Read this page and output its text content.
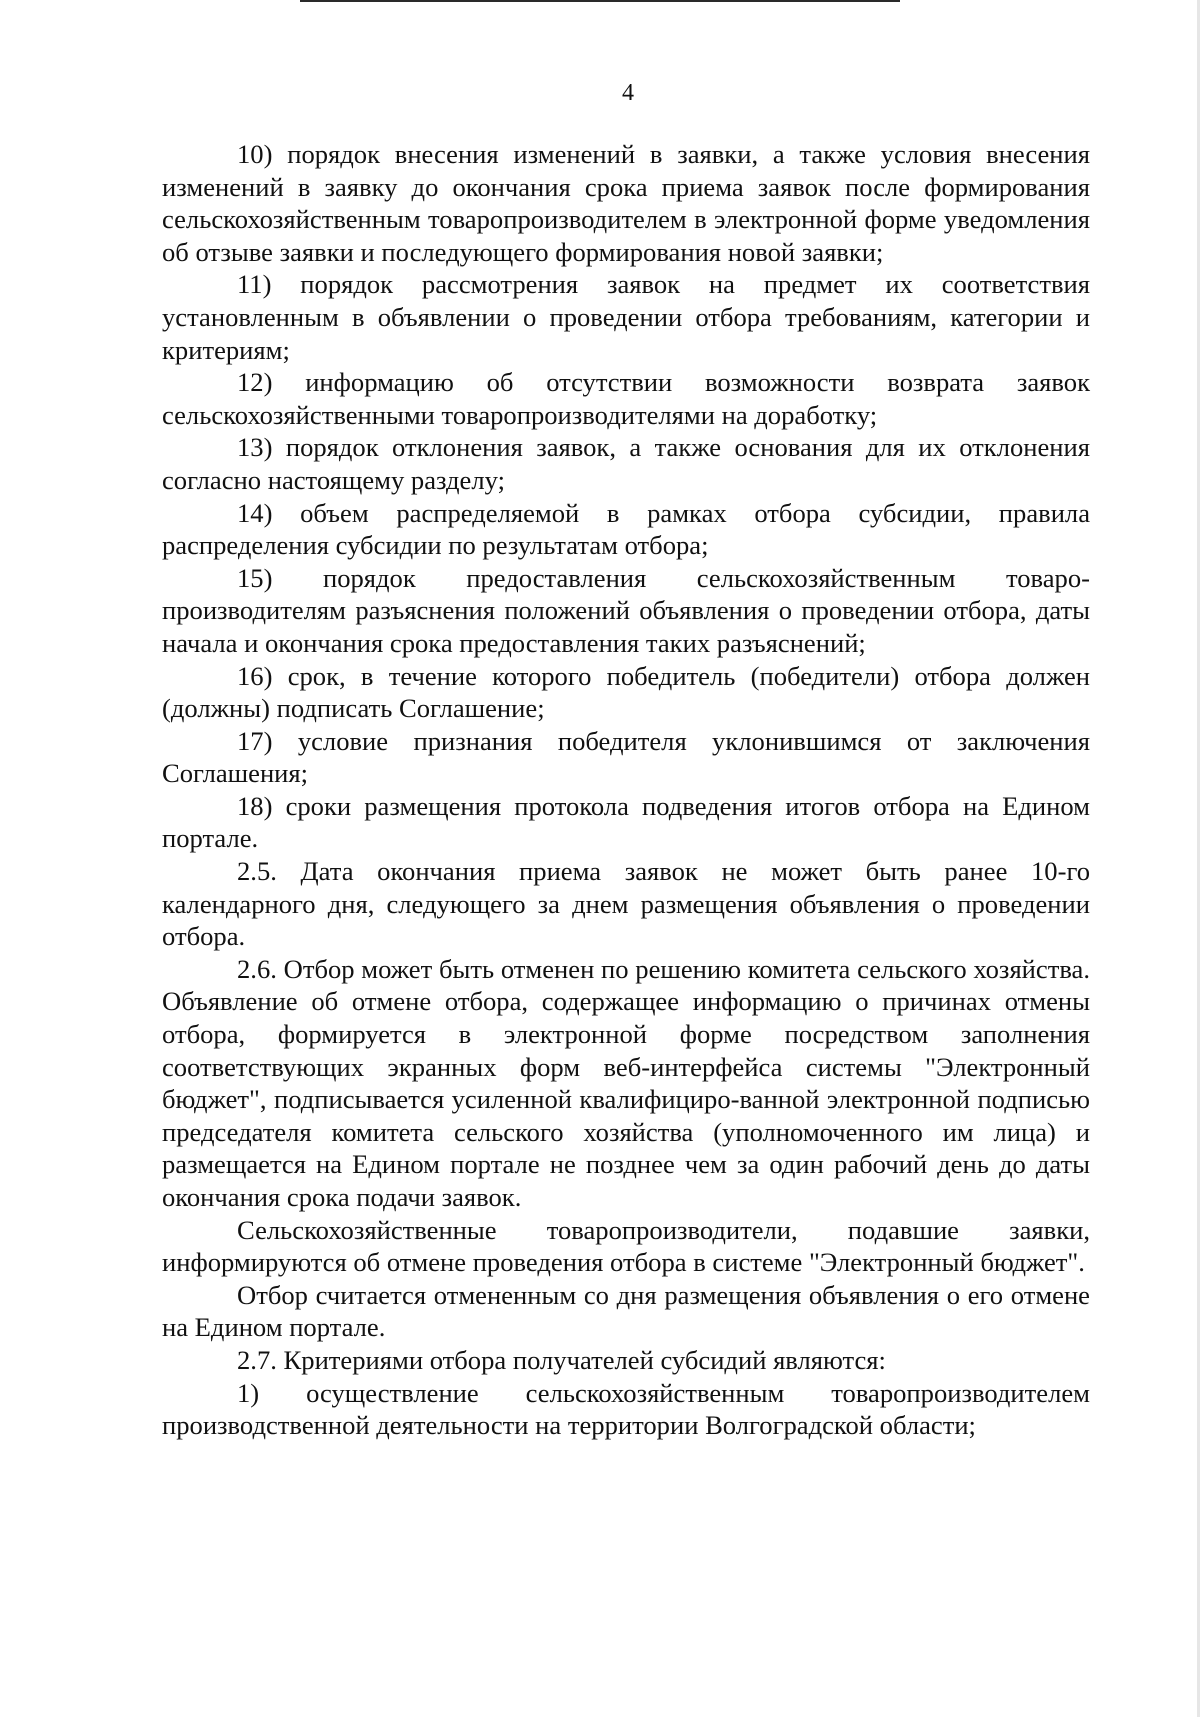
4

10) порядок внесения изменений в заявки, а также условия внесения изменений в заявку до окончания срока приема заявок после формирования сельскохозяйственным товаропроизводителем в электронной форме уведомления об отзыве заявки и последующего формирования новой заявки;

11) порядок рассмотрения заявок на предмет их соответствия установленным в объявлении о проведении отбора требованиям, категории и критериям;

12) информацию об отсутствии возможности возврата заявок сельскохозяйственными товаропроизводителями на доработку;

13) порядок отклонения заявок, а также основания для их отклонения согласно настоящему разделу;

14) объем распределяемой в рамках отбора субсидии, правила распределения субсидии по результатам отбора;

15) порядок предоставления сельскохозяйственным товаро-производителям разъяснения положений объявления о проведении отбора, даты начала и окончания срока предоставления таких разъяснений;

16) срок, в течение которого победитель (победители) отбора должен (должны) подписать Соглашение;

17) условие признания победителя уклонившимся от заключения Соглашения;

18) сроки размещения протокола подведения итогов отбора на Едином портале.

2.5. Дата окончания приема заявок не может быть ранее 10-го календарного дня, следующего за днем размещения объявления о проведении отбора.

2.6. Отбор может быть отменен по решению комитета сельского хозяйства. Объявление об отмене отбора, содержащее информацию о причинах отмены отбора, формируется в электронной форме посредством заполнения соответствующих экранных форм веб-интерфейса системы "Электронный бюджет", подписывается усиленной квалифициро-ванной электронной подписью председателя комитета сельского хозяйства (уполномоченного им лица) и размещается на Едином портале не позднее чем за один рабочий день до даты окончания срока подачи заявок.

Сельскохозяйственные товаропроизводители, подавшие заявки, информируются об отмене проведения отбора в системе "Электронный бюджет".

Отбор считается отмененным со дня размещения объявления о его отмене на Едином портале.

2.7. Критериями отбора получателей субсидий являются:

1) осуществление сельскохозяйственным товаропроизводителем производственной деятельности на территории Волгоградской области;
